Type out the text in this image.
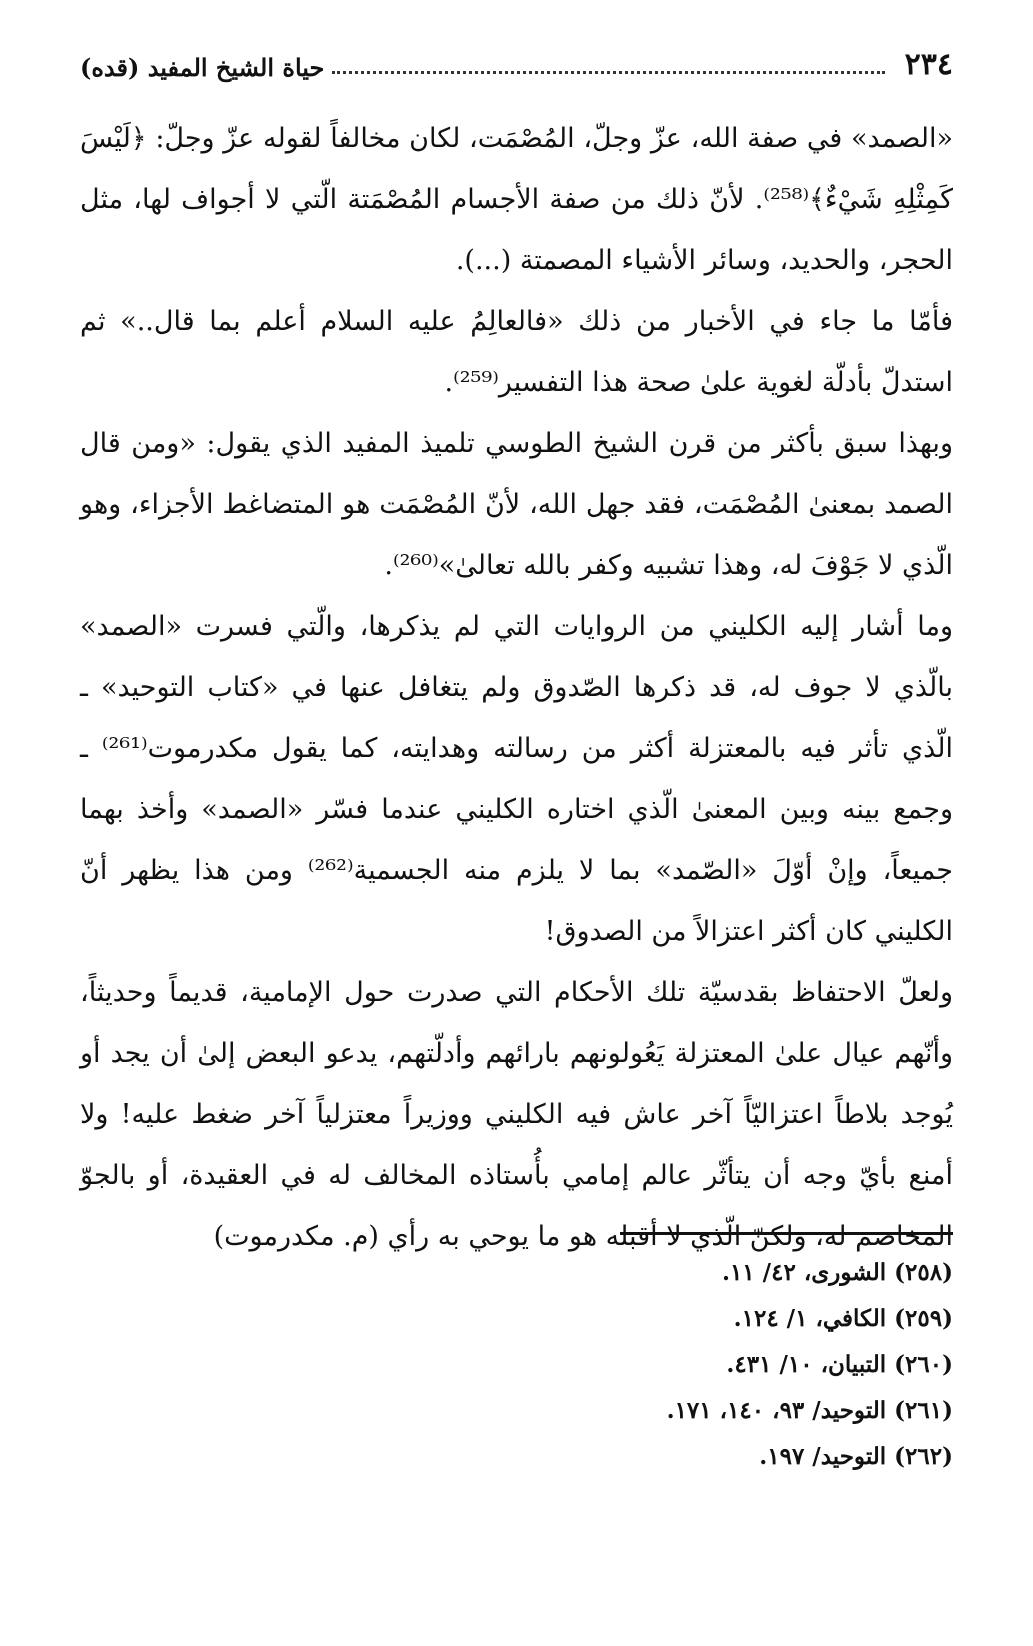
٢٣٤
حياة الشيخ المفيد (قده)

«الصمد» في صفة الله، عزّ وجلّ، المُصْمَت، لكان مخالفاً لقوله عزّ وجلّ: ﴿لَيْسَ كَمِثْلِهِ شَيْءٌ﴾⁽²⁵⁸⁾. لأنّ ذلك من صفة الأجسام المُصْمَتة الّتي لا أجواف لها، مثل الحجر، والحديد، وسائر الأشياء المصمتة (...).

فأمّا ما جاء في الأخبار من ذلك «فالعالِمُ عليه السلام أعلم بما قال..» ثم استدلّ بأدلّة لغوية علىٰ صحة هذا التفسير⁽²⁵⁹⁾.

وبهذا سبق بأكثر من قرن الشيخ الطوسي تلميذ المفيد الذي يقول: «ومن قال الصمد بمعنىٰ المُصْمَت، فقد جهل الله، لأنّ المُصْمَت هو المتضاغط الأجزاء، وهو الّذي لا جَوْفَ له، وهذا تشبيه وكفر بالله تعالىٰ»⁽²⁶⁰⁾.

وما أشار إليه الكليني من الروايات التي لم يذكرها، والّتي فسرت «الصمد» بالّذي لا جوف له، قد ذكرها الصّدوق ولم يتغافل عنها في «كتاب التوحيد» ـ الّذي تأثر فيه بالمعتزلة أكثر من رسالته وهدايته، كما يقول مكدرموت⁽²⁶¹⁾ ـ وجمع بينه وبين المعنىٰ الّذي اختاره الكليني عندما فسّر «الصمد» وأخذ بهما جميعاً، وإنْ أوّلَ «الصّمد» بما لا يلزم منه الجسمية⁽²⁶²⁾ ومن هذا يظهر أنّ الكليني كان أكثر اعتزالاً من الصدوق!

ولعلّ الاحتفاظ بقدسيّة تلك الأحكام التي صدرت حول الإمامية، قديماً وحديثاً، وأنّهم عيال علىٰ المعتزلة يَعُولونهم بارائهم وأدلّتهم، يدعو البعض إلىٰ أن يجد أو يُوجد بلاطاً اعتزاليّاً آخر عاش فيه الكليني ووزيراً معتزلياً آخر ضغط عليه! ولا أمنع بأيّ وجه أن يتأثّر عالم إمامي بأُستاذه المخالف له في العقيدة، أو بالجوّ المخاصم له، ولكنّ الّذي لا أقبله هو ما يوحي به رأي (م. مكدرموت)

(٢٥٨) الشورى، ٤٢/ ١١.

(٢٥٩) الكافي، ١/ ١٢٤.

(٢٦٠) التبيان، ١٠/ ٤٣١.

(٢٦١) التوحيد/ ٩٣، ١٤٠، ١٧١.

(٢٦٢) التوحيد/ ١٩٧.
